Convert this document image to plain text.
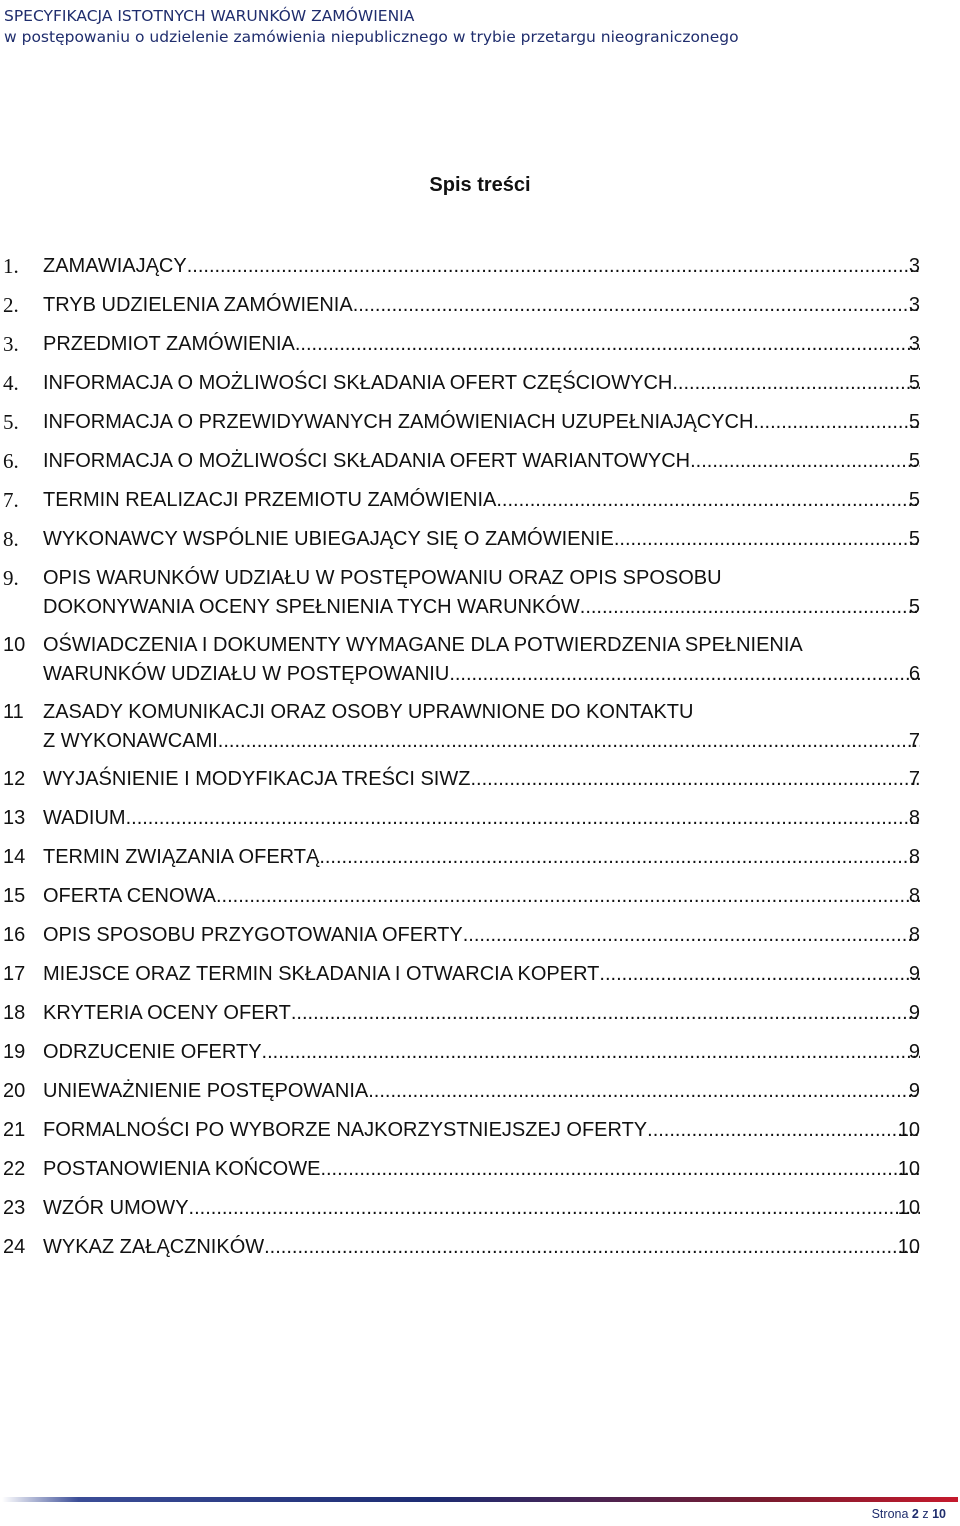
SPECYFIKACJA ISTOTNYCH WARUNKÓW ZAMÓWIENIA
w postępowaniu o udzielenie zamówienia niepublicznego w trybie przetargu nieograniczonego
Spis treści
1.	ZAMAWIAJĄCY .....	3
2.	TRYB UDZIELENIA ZAMÓWIENIA .....	3
3.	PRZEDMIOT ZAMÓWIENIA .....	3
4.	INFORMACJA O MOŻLIWOŚCI SKŁADANIA OFERT CZĘŚCIOWYCH .....	5
5.	INFORMACJA O PRZEWIDYWANYCH ZAMÓWIENIACH UZUPEŁNIAJĄCYCH .....	5
6.	INFORMACJA O MOŻLIWOŚCI SKŁADANIA OFERT WARIANTOWYCH .....	5
7.	TERMIN REALIZACJI PRZEMIOTU ZAMÓWIENIA .....	5
8.	WYKONAWCY WSPÓLNIE UBIEGAJĄCY SIĘ O ZAMÓWIENIE .....	5
9.	OPIS WARUNKÓW UDZIAŁU W POSTĘPOWANIU ORAZ OPIS SPOSOBU
DOKONYWANIA OCENY SPEŁNIENIA TYCH WARUNKÓW .....	5
10 OŚWIADCZENIA I DOKUMENTY WYMAGANE DLA POTWIERDZENIA SPEŁNIENIA
WARUNKÓW UDZIAŁU W POSTĘPOWANIU .....	6
11 ZASADY KOMUNIKACJI ORAZ OSOBY UPRAWNIONE DO KONTAKTU
Z WYKONAWCAMI. .....	7
12 WYJAŚNIENIE I MODYFIKACJA TREŚCI SIWZ .....	7
13 WADIUM .....	8
14 TERMIN ZWIĄZANIA OFERTĄ .....	8
15 OFERTA CENOWA .....	8
16 OPIS SPOSOBU PRZYGOTOWANIA OFERTY .....	8
17 MIEJSCE ORAZ TERMIN SKŁADANIA I OTWARCIA KOPERT .....	9
18 KRYTERIA OCENY OFERT .....	9
19 ODRZUCENIE OFERTY .....	9
20 UNIEWAŻNIENIE POSTĘPOWANIA .....	9
21 FORMALNOŚCI PO WYBORZE NAJKORZYSTNIEJSZEJ OFERTY .....	10
22 POSTANOWIENIA KOŃCOWE .....	10
23 WZÓR UMOWY .....	10
24 WYKAZ ZAŁĄCZNIKÓW .....	10
Strona 2 z 10
